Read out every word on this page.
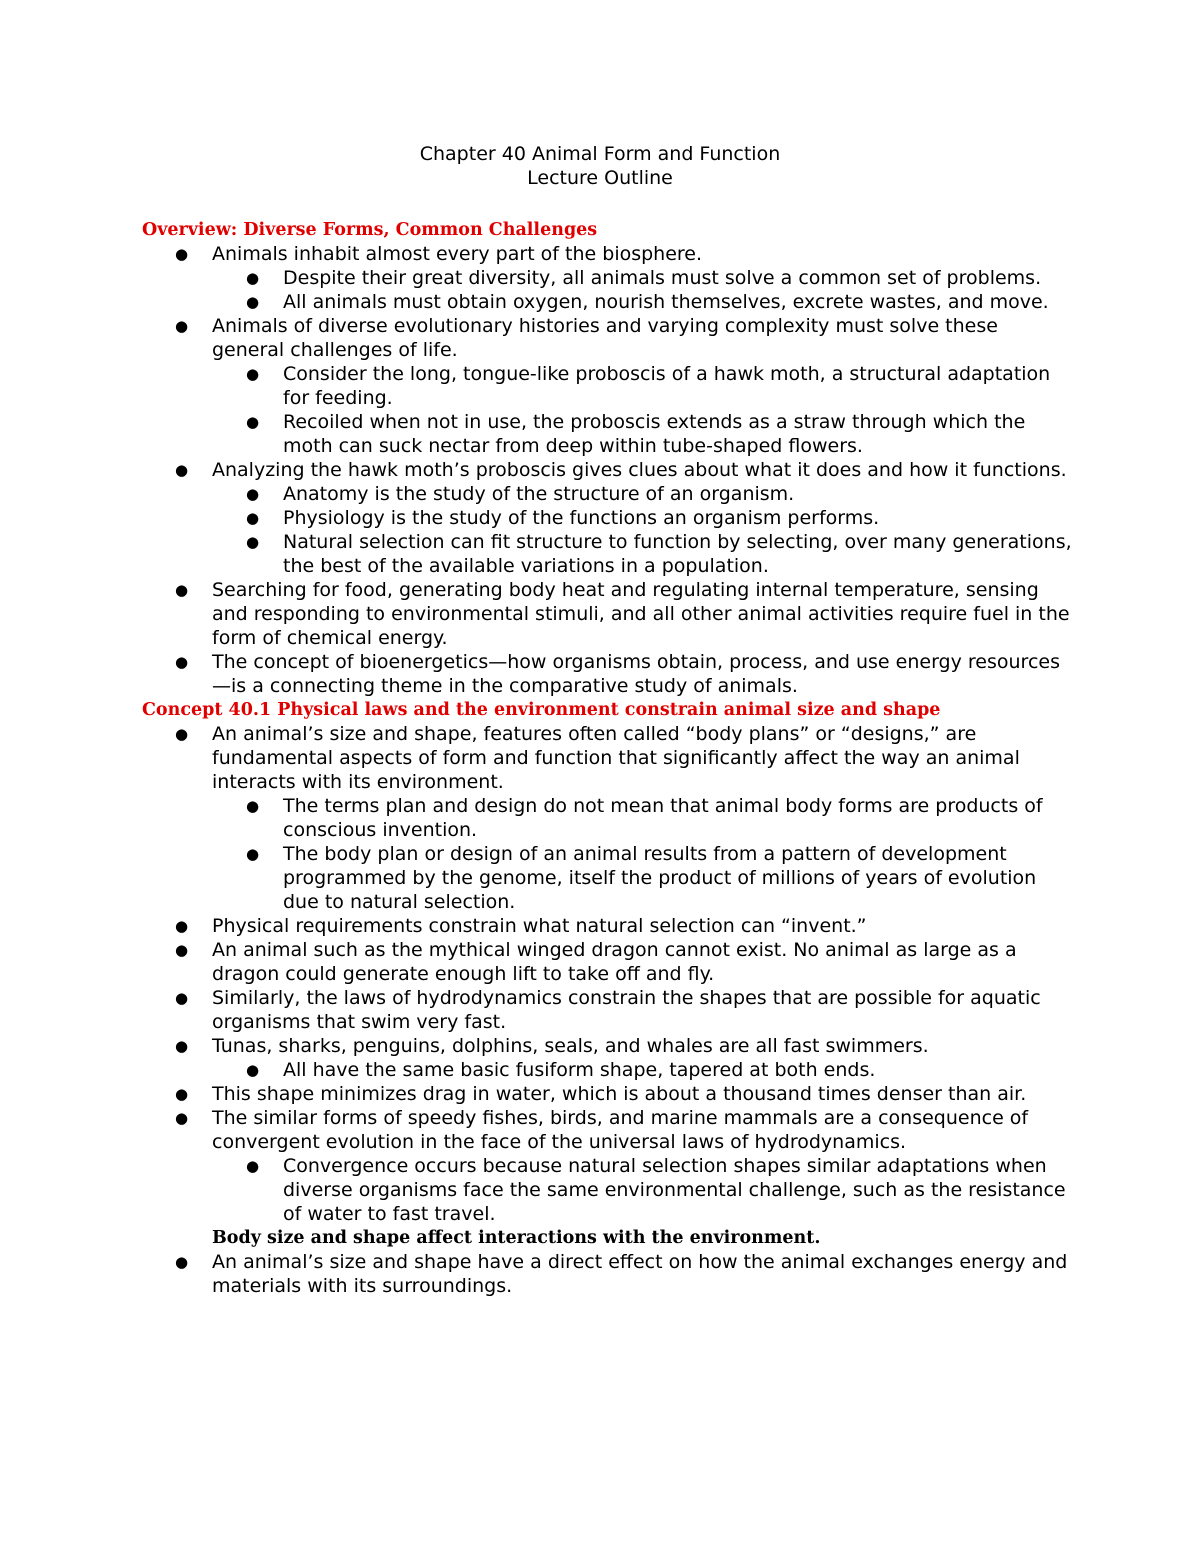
Chapter 40 Animal Form and Function
Lecture Outline
Overview: Diverse Forms, Common Challenges
● Animals inhabit almost every part of the biosphere.
● Despite their great diversity, all animals must solve a common set of problems.
● All animals must obtain oxygen, nourish themselves, excrete wastes, and move.
● Animals of diverse evolutionary histories and varying complexity must solve these general challenges of life.
● Consider the long, tongue-like proboscis of a hawk moth, a structural adaptation for feeding.
● Recoiled when not in use, the proboscis extends as a straw through which the moth can suck nectar from deep within tube-shaped flowers.
● Analyzing the hawk moth’s proboscis gives clues about what it does and how it functions.
● Anatomy is the study of the structure of an organism.
● Physiology is the study of the functions an organism performs.
● Natural selection can fit structure to function by selecting, over many generations, the best of the available variations in a population.
● Searching for food, generating body heat and regulating internal temperature, sensing and responding to environmental stimuli, and all other animal activities require fuel in the form of chemical energy.
● The concept of bioenergetics—how organisms obtain, process, and use energy resources—is a connecting theme in the comparative study of animals.
Concept 40.1 Physical laws and the environment constrain animal size and shape
● An animal’s size and shape, features often called “body plans” or “designs,” are fundamental aspects of form and function that significantly affect the way an animal interacts with its environment.
● The terms plan and design do not mean that animal body forms are products of conscious invention.
● The body plan or design of an animal results from a pattern of development programmed by the genome, itself the product of millions of years of evolution due to natural selection.
● Physical requirements constrain what natural selection can “invent.”
● An animal such as the mythical winged dragon cannot exist. No animal as large as a dragon could generate enough lift to take off and fly.
● Similarly, the laws of hydrodynamics constrain the shapes that are possible for aquatic organisms that swim very fast.
● Tunas, sharks, penguins, dolphins, seals, and whales are all fast swimmers.
● All have the same basic fusiform shape, tapered at both ends.
● This shape minimizes drag in water, which is about a thousand times denser than air.
● The similar forms of speedy fishes, birds, and marine mammals are a consequence of convergent evolution in the face of the universal laws of hydrodynamics.
● Convergence occurs because natural selection shapes similar adaptations when diverse organisms face the same environmental challenge, such as the resistance of water to fast travel.
Body size and shape affect interactions with the environment.
● An animal’s size and shape have a direct effect on how the animal exchanges energy and materials with its surroundings.
